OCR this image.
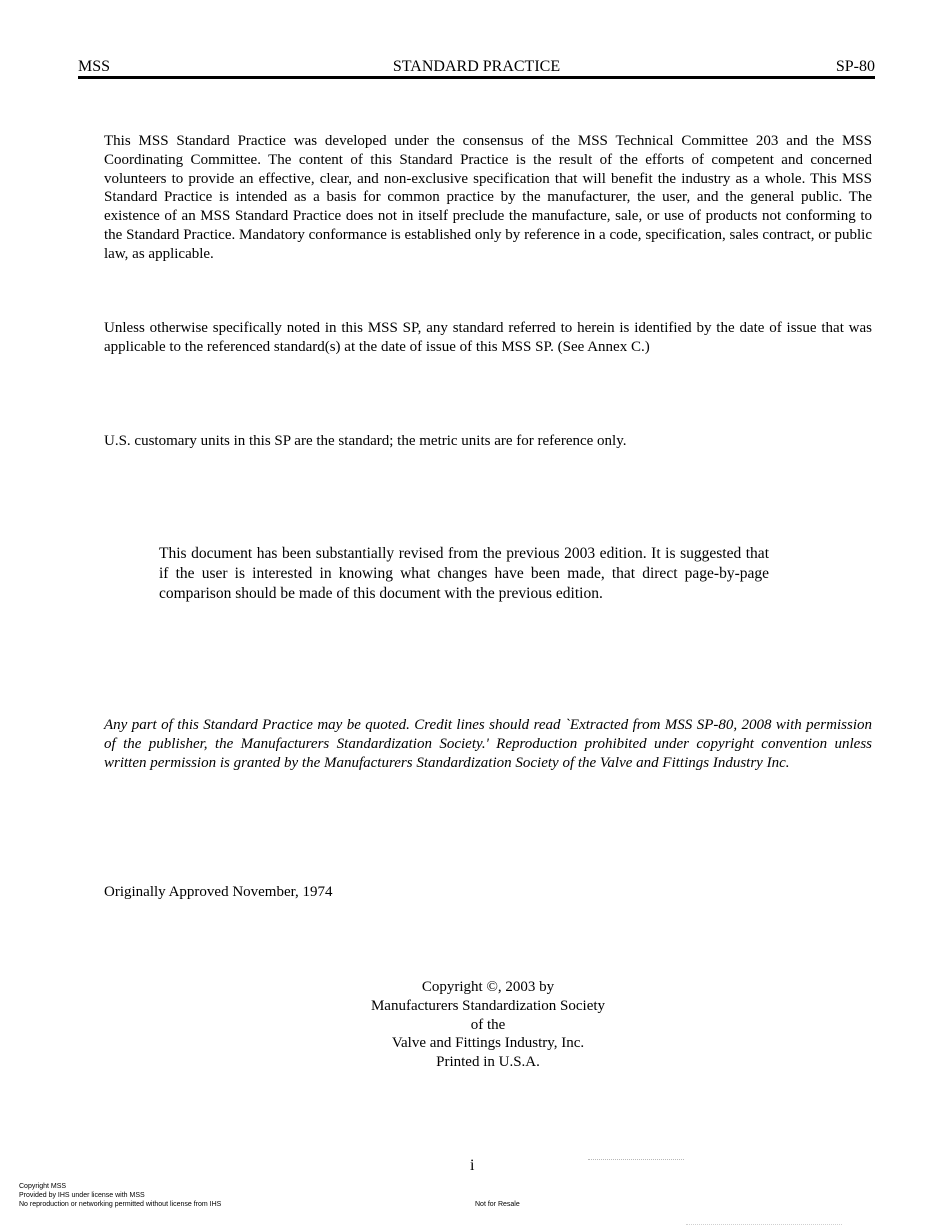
MSS	STANDARD PRACTICE	SP-80
This MSS Standard Practice was developed under the consensus of the MSS Technical Committee 203 and the MSS Coordinating Committee. The content of this Standard Practice is the result of the efforts of competent and concerned volunteers to provide an effective, clear, and non-exclusive specification that will benefit the industry as a whole. This MSS Standard Practice is intended as a basis for common practice by the manufacturer, the user, and the general public. The existence of an MSS Standard Practice does not in itself preclude the manufacture, sale, or use of products not conforming to the Standard Practice. Mandatory conformance is established only by reference in a code, specification, sales contract, or public law, as applicable.
Unless otherwise specifically noted in this MSS SP, any standard referred to herein is identified by the date of issue that was applicable to the referenced standard(s) at the date of issue of this MSS SP. (See Annex C.)
U.S. customary units in this SP are the standard; the metric units are for reference only.
This document has been substantially revised from the previous 2003 edition. It is suggested that if the user is interested in knowing what changes have been made, that direct page-by-page comparison should be made of this document with the previous edition.
Any part of this Standard Practice may be quoted. Credit lines should read `Extracted from MSS SP-80, 2008 with permission of the publisher, the Manufacturers Standardization Society.' Reproduction prohibited under copyright convention unless written permission is granted by the Manufacturers Standardization Society of the Valve and Fittings Industry Inc.
Originally Approved November, 1974
Copyright ©, 2003 by
Manufacturers Standardization Society
of the
Valve and Fittings Industry, Inc.
Printed in U.S.A.
i
Copyright MSS
Provided by IHS under license with MSS
No reproduction or networking permitted without license from IHS	Not for Resale
